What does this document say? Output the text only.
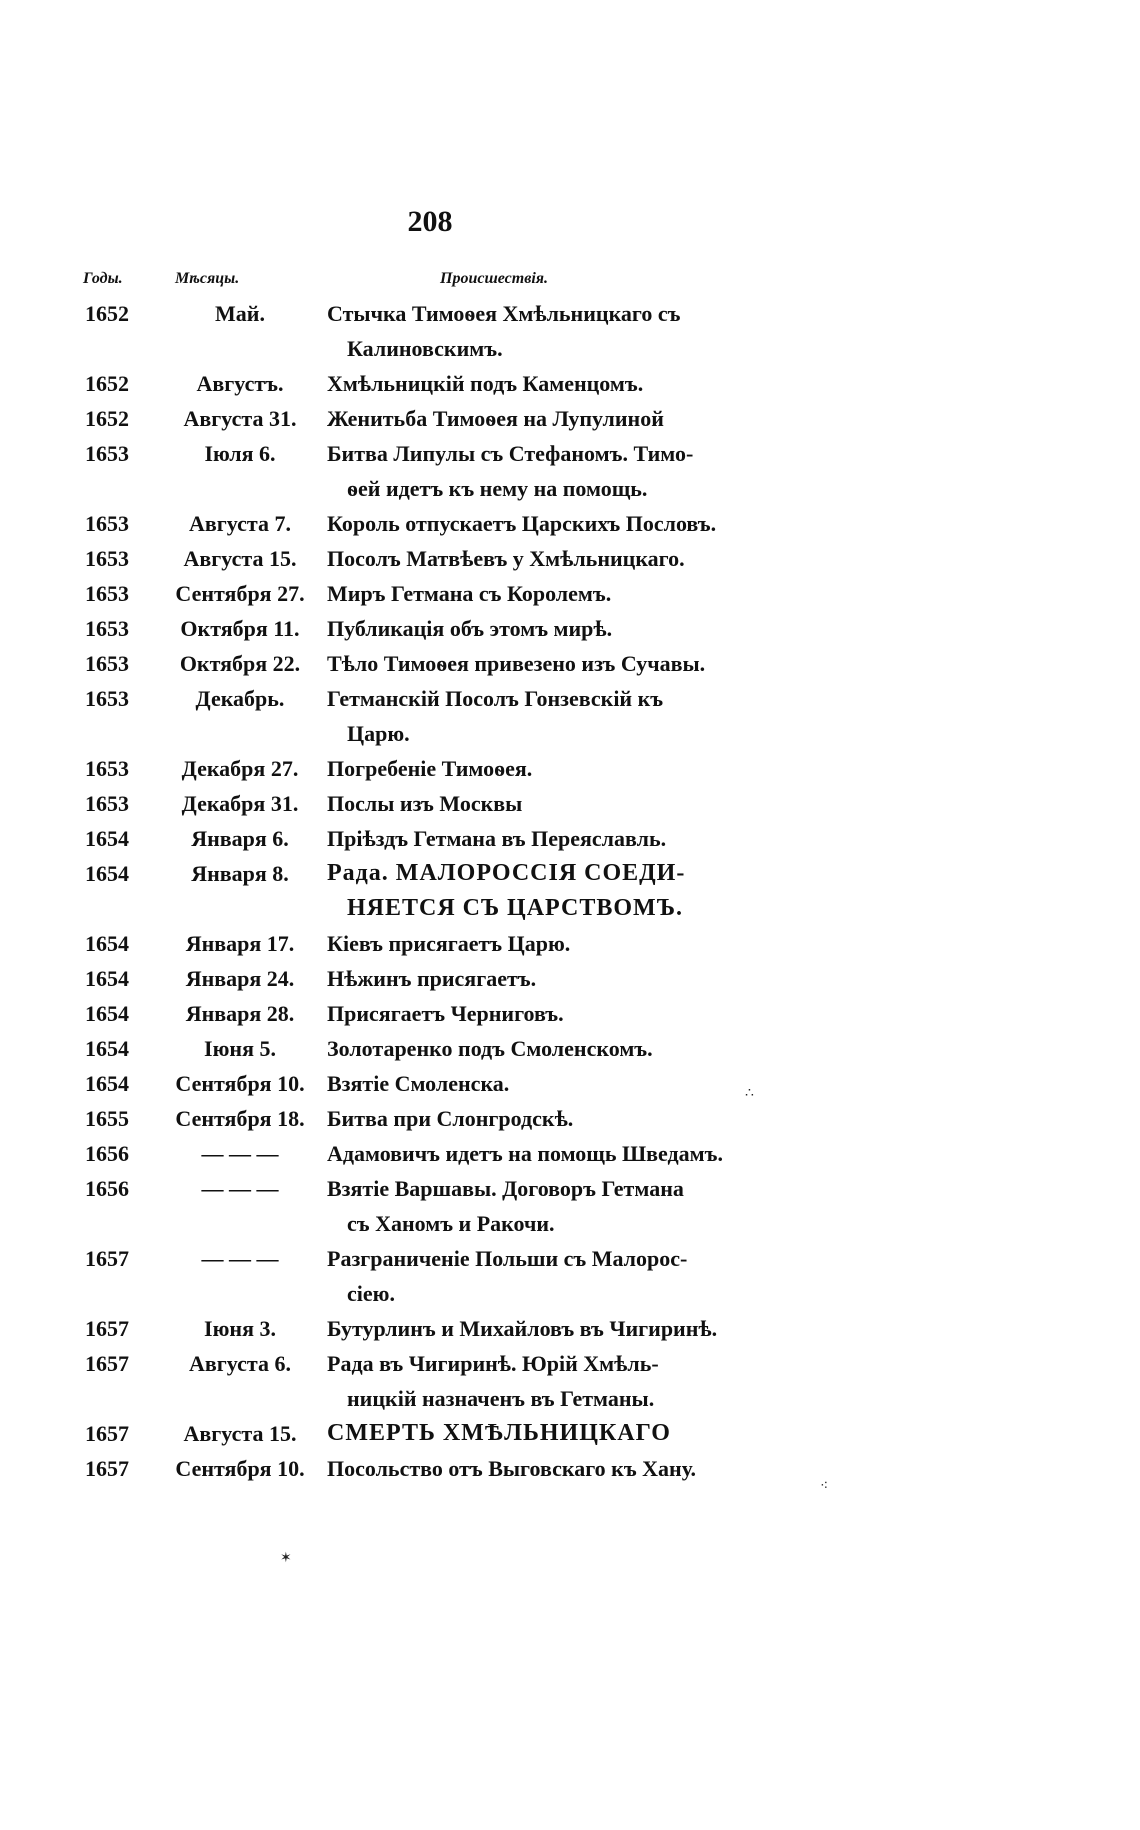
208
Годы.	Мѣсяцы.	Происшествія.
1652	Май.	Стычка Тимоѳея Хмѣльницкаго съ
Калиновскимъ.
1652	Августъ.	Хмѣльницкій подъ Каменцомъ.
1652	Августа 31.	Женитьба Тимоѳея на Лупулиной
1653	Іюля 6.	Битва Липулы съ Стефаномъ. Тимо-
ѳей идетъ къ нему на помощь.
1653	Августа 7.	Король отпускаетъ Царскихъ Пословъ.
1653	Августа 15.	Посолъ Матвѣевъ у Хмѣльницкаго.
1653	Сентября 27.	Миръ Гетмана съ Королемъ.
1653	Октября 11.	Публикація объ этомъ мирѣ.
1653	Октября 22.	Тѣло Тимоѳея привезено изъ Сучавы.
1653	Декабрь.	Гетманскій Посолъ Гонзевскій къ
Царю.
1653	Декабря 27.	Погребеніе Тимоѳея.
1653	Декабря 31.	Послы изъ Москвы
1654	Января 6.	Пріѣздъ Гетмана въ Переяславль.
1654	Января 8.	Рада. МАЛОРОССІЯ СОЕДИ-
НЯЕТСЯ СЪ ЦАРСТВОМЪ.
1654	Января 17.	Кіевъ присягаетъ Царю.
1654	Января 24.	Нѣжинъ присягаетъ.
1654	Января 28.	Присягаетъ Черниговъ.
1654	Іюня 5.	Золотаренко подъ Смоленскомъ.
1654	Сентября 10.	Взятіе Смоленска.
1655	Сентября 18.	Битва при Слонгродскѣ.
1656	— — —	Адамовичъ идетъ на помощь Шведамъ.
1656	— — —	Взятіе Варшавы. Договоръ Гетмана
съ Ханомъ и Ракочи.
1657	— — —	Разграниченіе Польши съ Малорос-
сіею.
1657	Іюня 3.	Бутурлинъ и Михайловъ въ Чигиринѣ.
1657	Августа 6.	Рада въ Чигиринѣ. Юрій Хмѣль-
ницкій назначенъ въ Гетманы.
1657	Августа 15.	СМЕРТЬ ХМѢЛЬНИЦКАГО
1657	Сентября 10.	Посольство отъ Выговскаго къ Хану.
∴
⁖
✶
